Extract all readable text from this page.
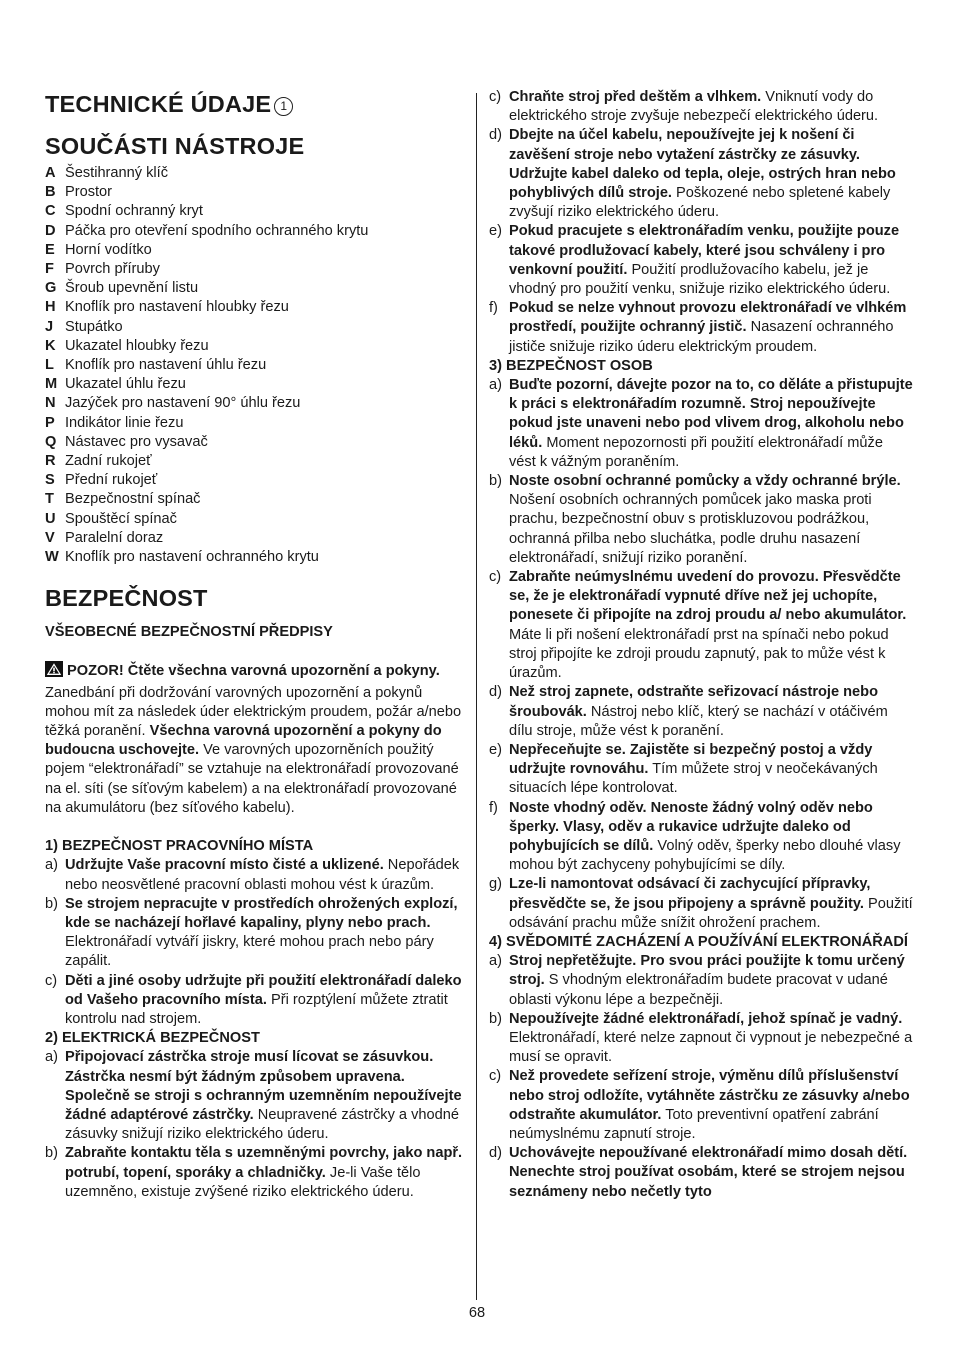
TECHNICKÉ ÚDAJE 1
SOUČÁSTI NÁSTROJE
A Šestihranný klíč
B Prostor
C Spodní ochranný kryt
D Páčka pro otevření spodního ochranného krytu
E Horní vodítko
F Povrch příruby
G Šroub upevnění listu
H Knoflík pro nastavení hloubky řezu
J Stupátko
K Ukazatel hloubky řezu
L Knoflík pro nastavení úhlu řezu
M Ukazatel úhlu řezu
N Jazýček pro nastavení 90° úhlu řezu
P Indikátor linie řezu
Q Nástavec pro vysavač
R Zadní rukojeť
S Přední rukojeť
T Bezpečnostní spínač
U Spouštěcí spínač
V Paralelní doraz
W Knoflík pro nastavení ochranného krytu
BEZPEČNOST
VŠEOBECNÉ BEZPEČNOSTNÍ PŘEDPISY
POZOR! Čtěte všechna varovná upozornění a pokyny. Zanedbání při dodržování varovných upozornění a pokynů mohou mít za následek úder elektrickým proudem, požár a/nebo těžká poranění. Všechna varovná upozornění a pokyny do budoucna uschovejte. Ve varovných upozorněních použitý pojem “elektronářadí” se vztahuje na elektronářadí provozované na el. síti (se síťovým kabelem) a na elektronářadí provozované na akumulátoru (bez síťového kabelu).
1) BEZPEČNOST PRACOVNÍHO MÍSTA
a) Udržujte Vaše pracovní místo čisté a uklizené. Nepořádek nebo neosvětlené pracovní oblasti mohou vést k úrazům.
b) Se strojem nepracujte v prostředích ohrožených explozí, kde se nacházejí hořlavé kapaliny, plyny nebo prach. Elektronářadí vytváří jiskry, které mohou prach nebo páry zapálit.
c) Děti a jiné osoby udržujte při použití elektronářadí daleko od Vašeho pracovního místa. Při rozptýlení můžete ztratit kontrolu nad strojem.
2) ELEKTRICKÁ BEZPEČNOST
a) Připojovací zástrčka stroje musí lícovat se zásuvkou. Zástrčka nesmí být žádným způsobem upravena. Společně se stroji s ochranným uzemněním nepoužívejte žádné adaptérové zástrčky. Neupravené zástrčky a vhodné zásuvky snižují riziko elektrického úderu.
b) Zabraňte kontaktu těla s uzemněnými povrchy, jako např. potrubí, topení, sporáky a chladničky. Je-li Vaše tělo uzemněno, existuje zvýšené riziko elektrického úderu.
c) Chraňte stroj před deštěm a vlhkem. Vniknutí vody do elektrického stroje zvyšuje nebezpečí elektrického úderu.
d) Dbejte na účel kabelu, nepoužívejte jej k nošení či zavěšení stroje nebo vytažení zástrčky ze zásuvky. Udržujte kabel daleko od tepla, oleje, ostrých hran nebo pohyblivých dílů stroje. Poškozené nebo spletené kabely zvyšují riziko elektrického úderu.
e) Pokud pracujete s elektronářadím venku, použijte pouze takové prodlužovací kabely, které jsou schváleny i pro venkovní použití. Použití prodlužovacího kabelu, jež je vhodný pro použití venku, snižuje riziko elektrického úderu.
f) Pokud se nelze vyhnout provozu elektronářadí ve vlhkém prostředí, použijte ochranný jistič. Nasazení ochranného jističe snižuje riziko úderu elektrickým proudem.
3) BEZPEČNOST OSOB
a) Buďte pozorní, dávejte pozor na to, co děláte a přistupujte k práci s elektronářadím rozumně. Stroj nepoužívejte pokud jste unaveni nebo pod vlivem drog, alkoholu nebo léků. Moment nepozornosti při použití elektronářadí může vést k vážným poraněním.
b) Noste osobní ochranné pomůcky a vždy ochranné brýle. Nošení osobních ochranných pomůcek jako maska proti prachu, bezpečnostní obuv s protiskluzovou podrážkou, ochranná přilba nebo sluchátka, podle druhu nasazení elektronářadí, snižují riziko poranění.
c) Zabraňte neúmyslnému uvedení do provozu. Přesvědčte se, že je elektronářadí vypnuté dříve než jej uchopíte, ponesete či připojíte na zdroj proudu a/ nebo akumulátor. Máte li při nošení elektronářadí prst na spínači nebo pokud stroj připojíte ke zdroji proudu zapnutý, pak to může vést k úrazům.
d) Než stroj zapnete, odstraňte seřizovací nástroje nebo šroubovák. Nástroj nebo klíč, který se nachází v otáčivém dílu stroje, může vést k poranění.
e) Nepřeceňujte se. Zajistěte si bezpečný postoj a vždy udržujte rovnováhu. Tím můžete stroj v neočekávaných situacích lépe kontrolovat.
f) Noste vhodný oděv. Nenoste žádný volný oděv nebo šperky. Vlasy, oděv a rukavice udržujte daleko od pohybujících se dílů. Volný oděv, šperky nebo dlouhé vlasy mohou být zachyceny pohybujícími se díly.
g) Lze-li namontovat odsávací či zachycující přípravky, přesvědčte se, že jsou připojeny a správně použity. Použití odsávání prachu může snížit ohrožení prachem.
4) SVĚDOMITÉ ZACHÁZENÍ A POUŽÍVÁNÍ ELEKTRONÁŘADÍ
a) Stroj nepřetěžujte. Pro svou práci použijte k tomu určený stroj. S vhodným elektronářadím budete pracovat v udané oblasti výkonu lépe a bezpečněji.
b) Nepoužívejte žádné elektronářadí, jehož spínač je vadný. Elektronářadí, které nelze zapnout či vypnout je nebezpečné a musí se opravit.
c) Než provedete seřízení stroje, výměnu dílů příslušenství nebo stroj odložíte, vytáhněte zástrčku ze zásuvky a/nebo odstraňte akumulátor. Toto preventivní opatření zabrání neúmyslnému zapnutí stroje.
d) Uchovávejte nepoužívané elektronářadí mimo dosah dětí. Nenechte stroj používat osobám, které se strojem nejsou seznámeny nebo nečetly tyto
68
